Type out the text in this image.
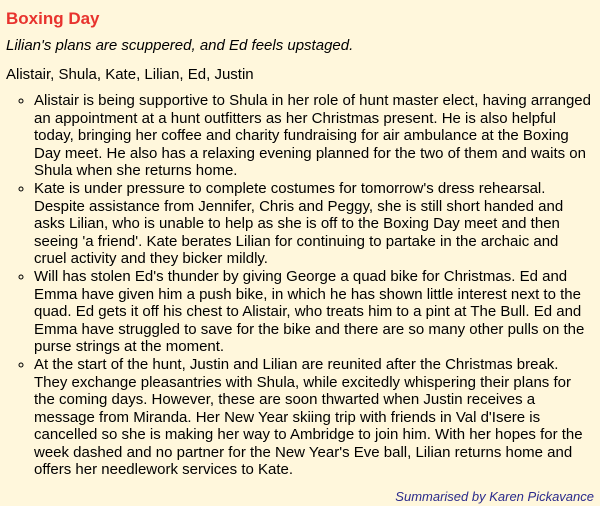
Boxing Day

Lilian's plans are scuppered, and Ed feels upstaged.

Alistair, Shula, Kate, Lilian, Ed, Justin

◦ Alistair is being supportive to Shula in her role of hunt master elect, having arranged an appointment at a hunt outfitters as her Christmas present. He is also helpful today, bringing her coffee and charity fundraising for air ambulance at the Boxing Day meet. He also has a relaxing evening planned for the two of them and waits on Shula when she returns home.
◦ Kate is under pressure to complete costumes for tomorrow's dress rehearsal. Despite assistance from Jennifer, Chris and Peggy, she is still short handed and asks Lilian, who is unable to help as she is off to the Boxing Day meet and then seeing 'a friend'. Kate berates Lilian for continuing to partake in the archaic and cruel activity and they bicker mildly.
◦ Will has stolen Ed's thunder by giving George a quad bike for Christmas. Ed and Emma have given him a push bike, in which he has shown little interest next to the quad. Ed gets it off his chest to Alistair, who treats him to a pint at The Bull. Ed and Emma have struggled to save for the bike and there are so many other pulls on the purse strings at the moment.
◦ At the start of the hunt, Justin and Lilian are reunited after the Christmas break. They exchange pleasantries with Shula, while excitedly whispering their plans for the coming days. However, these are soon thwarted when Justin receives a message from Miranda. Her New Year skiing trip with friends in Val d'Isere is cancelled so she is making her way to Ambridge to join him. With her hopes for the week dashed and no partner for the New Year's Eve ball, Lilian returns home and offers her needlework services to Kate.
Summarised by Karen Pickavance
